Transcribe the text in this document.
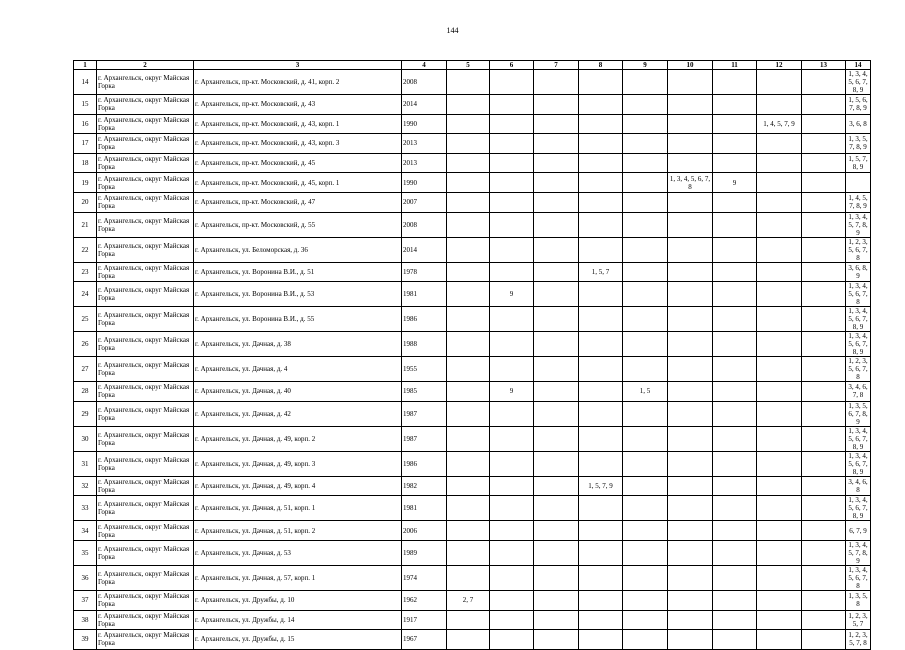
144
1	2	3	4	5	6	7	8	9	10	11	12	13	14
14	г. Архангельск, округ Майская Горка	г. Архангельск, пр-кт. Московский, д. 41, корп. 2	2008										1, 3, 4, 5, 6, 7, 8, 9
15	г. Архангельск, округ Майская Горка	г. Архангельск, пр-кт. Московский, д. 43	2014										1, 5, 6, 7, 8, 9
16	г. Архангельск, округ Майская Горка	г. Архангельск, пр-кт. Московский, д. 43, корп. 1	1990								1, 4, 5, 7, 9		3, 6, 8
17	г. Архангельск, округ Майская Горка	г. Архангельск, пр-кт. Московский, д. 43, корп. 3	2013										1, 3, 5, 7, 8, 9
18	г. Архангельск, округ Майская Горка	г. Архангельск, пр-кт. Московский, д. 45	2013										1, 5, 7, 8, 9
19	г. Архангельск, округ Майская Горка	г. Архангельск, пр-кт. Московский, д. 45, корп. 1	1990						1, 3, 4, 5, 6, 7, 8	9			
20	г. Архангельск, округ Майская Горка	г. Архангельск, пр-кт. Московский, д. 47	2007										1, 4, 5, 7, 8, 9
21	г. Архангельск, округ Майская Горка	г. Архангельск, пр-кт. Московский, д. 55	2008										1, 3, 4, 5, 7, 8, 9
22	г. Архангельск, округ Майская Горка	г. Архангельск, ул. Беломорская, д. 36	2014										1, 2, 3, 5, 6, 7, 8
23	г. Архангельск, округ Майская Горка	г. Архангельск, ул. Воронина В.И., д. 51	1978				1, 5, 7						3, 6, 8, 9
24	г. Архангельск, округ Майская Горка	г. Архангельск, ул. Воронина В.И., д. 53	1981		9								1, 3, 4, 5, 6, 7, 8
25	г. Архангельск, округ Майская Горка	г. Архангельск, ул. Воронина В.И., д. 55	1986										1, 3, 4, 5, 6, 7, 8, 9
26	г. Архангельск, округ Майская Горка	г. Архангельск, ул. Дачная, д. 38	1988										1, 3, 4, 5, 6, 7, 8, 9
27	г. Архангельск, округ Майская Горка	г. Архангельск, ул. Дачная, д. 4	1955										1, 2, 3, 5, 6, 7, 8
28	г. Архангельск, округ Майская Горка	г. Архангельск, ул. Дачная, д. 40	1985		9			1, 5					3, 4, 6, 7, 8
29	г. Архангельск, округ Майская Горка	г. Архангельск, ул. Дачная, д. 42	1987										1, 3, 5, 6, 7, 8, 9
30	г. Архангельск, округ Майская Горка	г. Архангельск, ул. Дачная, д. 49, корп. 2	1987										1, 3, 4, 5, 6, 7, 8, 9
31	г. Архангельск, округ Майская Горка	г. Архангельск, ул. Дачная, д. 49, корп. 3	1986										1, 3, 4, 5, 6, 7, 8, 9
32	г. Архангельск, округ Майская Горка	г. Архангельск, ул. Дачная, д. 49, корп. 4	1982				1, 5, 7, 9						3, 4, 6, 8
33	г. Архангельск, округ Майская Горка	г. Архангельск, ул. Дачная, д. 51, корп. 1	1981										1, 3, 4, 5, 6, 7, 8, 9
34	г. Архангельск, округ Майская Горка	г. Архангельск, ул. Дачная, д. 51, корп. 2	2006										6, 7, 9
35	г. Архангельск, округ Майская Горка	г. Архангельск, ул. Дачная, д. 53	1989										1, 3, 4, 5, 7, 8, 9
36	г. Архангельск, округ Майская Горка	г. Архангельск, ул. Дачная, д. 57, корп. 1	1974										1, 3, 4, 5, 6, 7, 8
37	г. Архангельск, округ Майская Горка	г. Архангельск, ул. Дружбы, д. 10	1962	2, 7									1, 3, 5, 8
38	г. Архангельск, округ Майская Горка	г. Архангельск, ул. Дружбы, д. 14	1917										1, 2, 3, 5, 7
39	г. Архангельск, округ Майская Горка	г. Архангельск, ул. Дружбы, д. 15	1967										1, 2, 3, 5, 7, 8
